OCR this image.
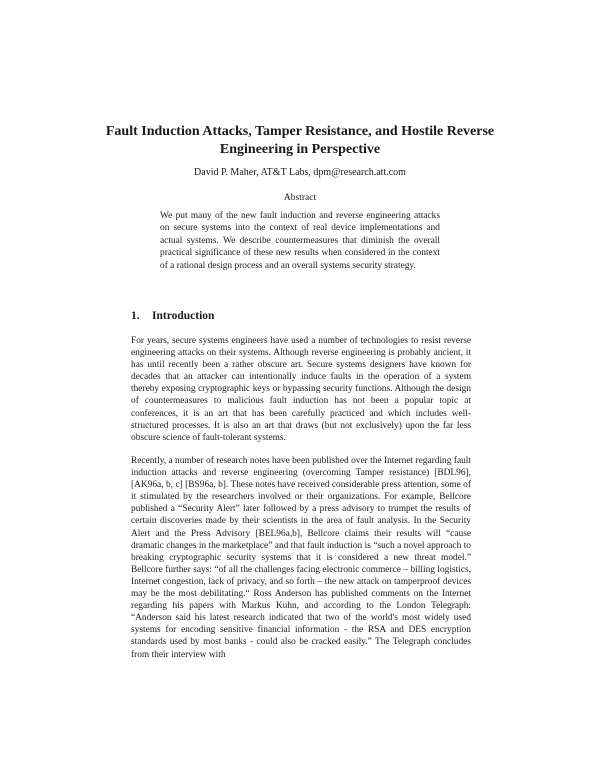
Fault Induction Attacks, Tamper Resistance, and Hostile Reverse Engineering in Perspective

David P. Maher, AT&T Labs, dpm@research.att.com

Abstract

We put many of the new fault induction and reverse engineering attacks on secure systems into the context of real device implementations and actual systems. We describe countermeasures that diminish the overall practical significance of these new results when considered in the context of a rational design process and an overall systems security strategy.

1. Introduction

For years, secure systems engineers have used a number of technologies to resist reverse engineering attacks on their systems. Although reverse engineering is probably ancient, it has until recently been a rather obscure art. Secure systems designers have known for decades that an attacker can intentionally induce faults in the operation of a system thereby exposing cryptographic keys or bypassing security functions. Although the design of countermeasures to malicious fault induction has not been a popular topic at conferences, it is an art that has been carefully practiced and which includes well-structured processes. It is also an art that draws (but not exclusively) upon the far less obscure science of fault-tolerant systems.

Recently, a number of research notes have been published over the Internet regarding fault induction attacks and reverse engineering (overcoming Tamper resistance) [BDL96], [AK96a, b, c] [BS96a, b]. These notes have received considerable press attention, some of it stimulated by the researchers involved or their organizations. For example, Bellcore published a “Security Alert” later followed by a press advisory to trumpet the results of certain discoveries made by their scientists in the area of fault analysis. In the Security Alert and the Press Advisory [BEL96a,b], Bellcore claims their results will “cause dramatic changes in the marketplace” and that fault induction is “such a novel approach to breaking cryptographic security systems that it is considered a new threat model.” Bellcore further says: “of all the challenges facing electronic commerce – billing logistics, Internet congestion, lack of privacy, and so forth – the new attack on tamperproof devices may be the most debilitating.“ Ross Anderson has published comments on the Internet regarding his papers with Markus Kuhn, and according to the London Telegraph: “Anderson said his latest research indicated that two of the world's most widely used systems for encoding sensitive financial information - the RSA and DES encryption standards used by most banks - could also be cracked easily.” The Telegraph concludes from their interview with
